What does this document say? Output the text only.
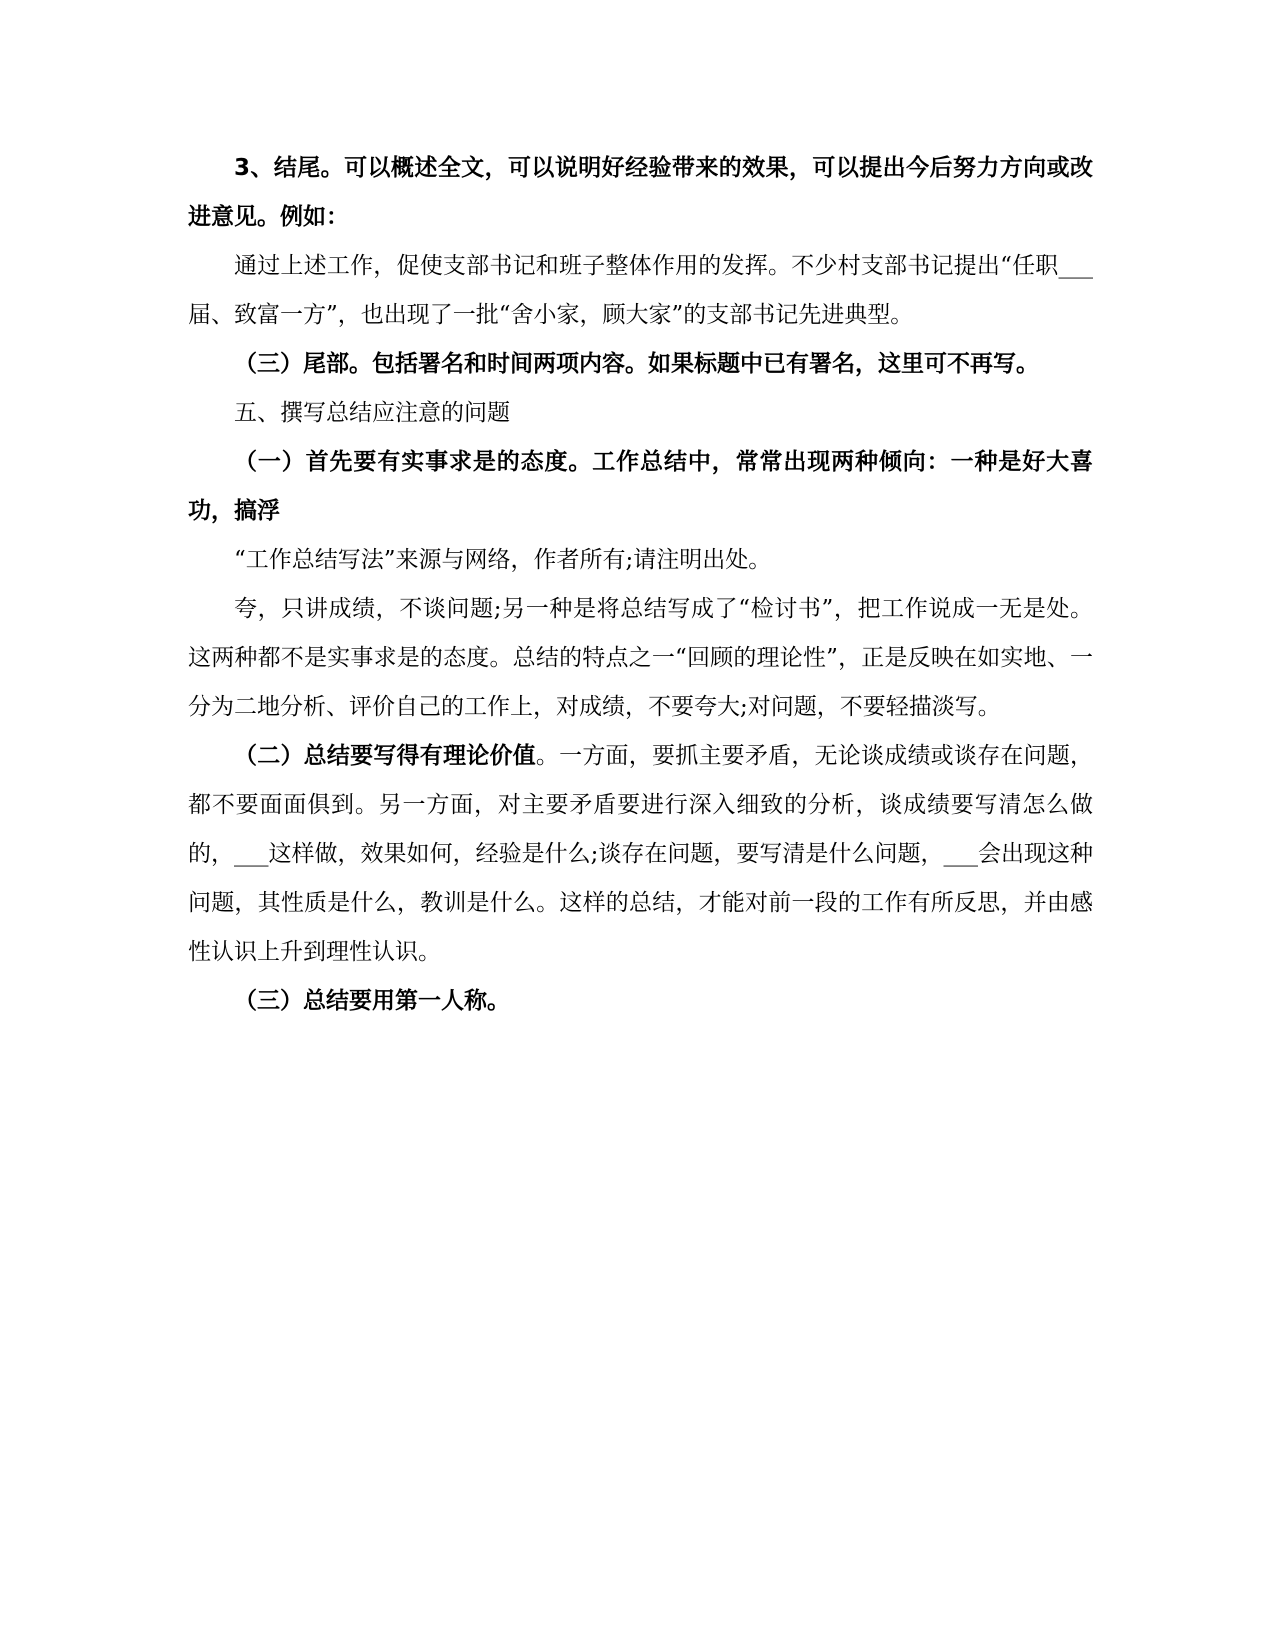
3、结尾。可以概述全文，可以说明好经验带来的效果，可以提出今后努力方向或改进意见。例如：

通过上述工作，促使支部书记和班子整体作用的发挥。不少村支部书记提出“任职___届、致富一方”，也出现了一批“舍小家，顾大家”的支部书记先进典型。

（三）尾部。包括署名和时间两项内容。如果标题中已有署名，这里可不再写。

五、撰写总结应注意的问题

（一）首先要有实事求是的态度。工作总结中，常常出现两种倾向：一种是好大喜功，搞浮

“工作总结写法”来源与网络，作者所有;请注明出处。

夸，只讲成绩，不谈问题;另一种是将总结写成了“检讨书”，把工作说成一无是处。这两种都不是实事求是的态度。总结的特点之一“回顾的理论性”，正是反映在如实地、一分为二地分析、评价自己的工作上，对成绩，不要夸大;对问题，不要轻描淡写。

（二）总结要写得有理论价值。一方面，要抓主要矛盾，无论谈成绩或谈存在问题，都不要面面俱到。另一方面，对主要矛盾要进行深入细致的分析，谈成绩要写清怎么做的，___这样做，效果如何，经验是什么;谈存在问题，要写清是什么问题，___会出现这种问题，其性质是什么，教训是什么。这样的总结，才能对前一段的工作有所反思，并由感性认识上升到理性认识。

（三）总结要用第一人称。
